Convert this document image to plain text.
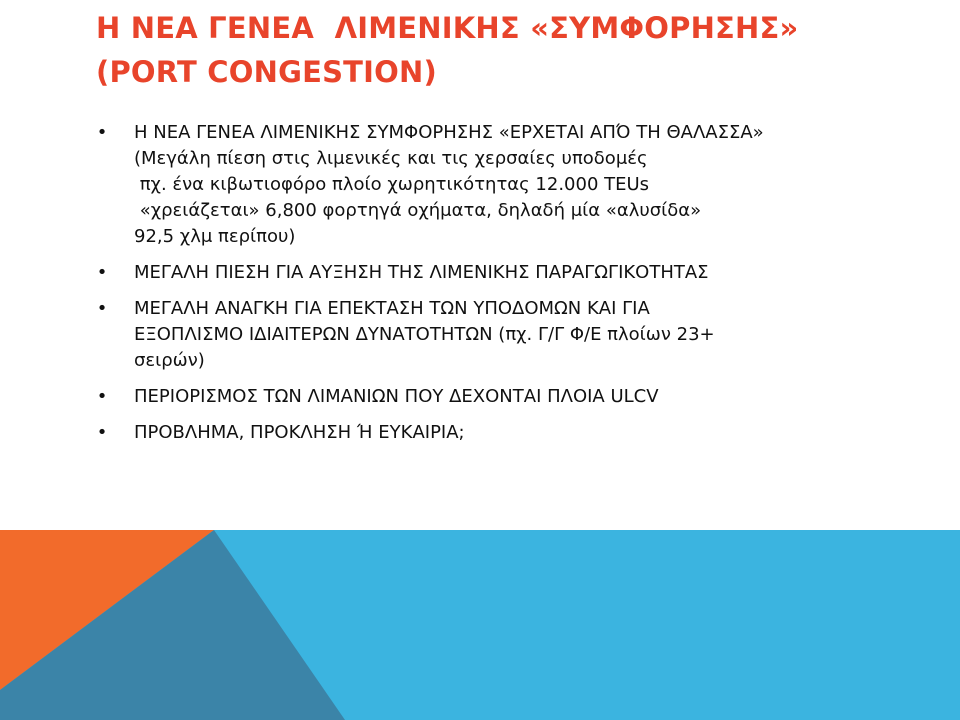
Η ΝΕΑ ΓΕΝΕΑ  ΛΙΜΕΝΙΚΗΣ «ΣΥΜΦΟΡΗΣΗΣ»
(PORT CONGESTION)
• Η ΝΕΑ ΓΕΝΕΑ ΛΙΜΕΝΙΚΗΣ ΣΥΜΦΟΡΗΣΗΣ «ΕΡΧΕΤΑΙ ΑΠΌ ΤΗ ΘΑΛΑΣΣΑ»
(Μεγάλη πίεση στις λιμενικές και τις χερσαίες υποδομές
πχ. ένα κιβωτιοφόρο πλοίο χωρητικότητας 12.000 TEUs
«χρειάζεται» 6,800 φορτηγά οχήματα, δηλαδή μία «αλυσίδα»
92,5 χλμ περίπου)
• ΜΕΓΑΛΗ ΠΙΕΣΗ ΓΙΑ ΑΥΞΗΣΗ ΤΗΣ ΛΙΜΕΝΙΚΗΣ ΠΑΡΑΓΩΓΙΚΟΤΗΤΑΣ
• ΜΕΓΑΛΗ ΑΝΑΓΚΗ ΓΙΑ ΕΠΕΚΤΑΣΗ ΤΩΝ ΥΠΟΔΟΜΩΝ ΚΑΙ ΓΙΑ
ΕΞΟΠΛΙΣΜΟ ΙΔΙΑΙΤΕΡΩΝ ΔΥΝΑΤΟΤΗΤΩΝ (πχ. Γ/Γ Φ/Ε πλοίων 23+
σειρών)
• ΠΕΡΙΟΡΙΣΜΟΣ ΤΩΝ ΛΙΜΑΝΙΩΝ ΠΟΥ ΔΕΧΟΝΤΑΙ ΠΛΟΙΑ ULCV
• ΠΡΟΒΛΗΜΑ, ΠΡΟΚΛΗΣΗ Ή ΕΥΚΑΙΡΙΑ;
